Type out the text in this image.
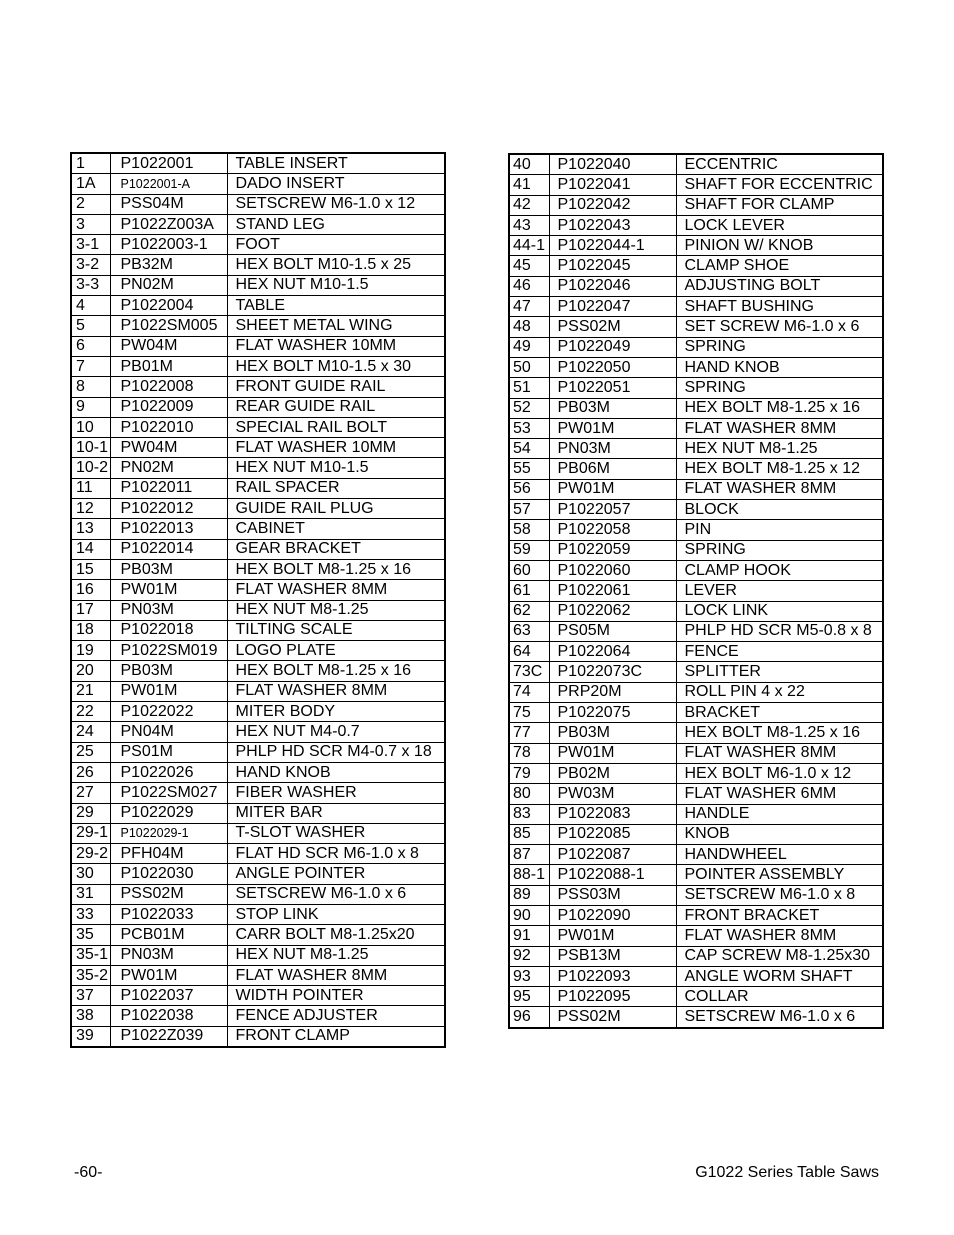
1	P1022001	TABLE INSERT
1A	P1022001-A	DADO INSERT
2	PSS04M	SETSCREW M6-1.0 x 12
3	P1022Z003A	STAND LEG
3-1	P1022003-1	FOOT
3-2	PB32M	HEX BOLT M10-1.5 x 25
3-3	PN02M	HEX NUT M10-1.5
4	P1022004	TABLE
5	P1022SM005	SHEET METAL WING
6	PW04M	FLAT WASHER 10MM
7	PB01M	HEX BOLT M10-1.5 x 30
8	P1022008	FRONT GUIDE RAIL
9	P1022009	REAR GUIDE RAIL
10	P1022010	SPECIAL RAIL BOLT
10-1	PW04M	FLAT WASHER 10MM
10-2	PN02M	HEX NUT M10-1.5
11	P1022011	RAIL SPACER
12	P1022012	GUIDE RAIL PLUG
13	P1022013	CABINET
14	P1022014	GEAR BRACKET
15	PB03M	HEX BOLT M8-1.25 x 16
16	PW01M	FLAT WASHER 8MM
17	PN03M	HEX NUT M8-1.25
18	P1022018	TILTING SCALE
19	P1022SM019	LOGO PLATE
20	PB03M	HEX BOLT M8-1.25 x 16
21	PW01M	FLAT WASHER 8MM
22	P1022022	MITER BODY
24	PN04M	HEX NUT M4-0.7
25	PS01M	PHLP HD SCR M4-0.7 x 18
26	P1022026	HAND KNOB
27	P1022SM027	FIBER WASHER
29	P1022029	MITER BAR
29-1	P1022029-1	T-SLOT WASHER
29-2	PFH04M	FLAT HD SCR M6-1.0 x 8
30	P1022030	ANGLE POINTER
31	PSS02M	SETSCREW M6-1.0 x 6
33	P1022033	STOP LINK
35	PCB01M	CARR BOLT M8-1.25x20
35-1	PN03M	HEX NUT M8-1.25
35-2	PW01M	FLAT WASHER 8MM
37	P1022037	WIDTH POINTER
38	P1022038	FENCE ADJUSTER
39	P1022Z039	FRONT CLAMP
40	P1022040	ECCENTRIC
41	P1022041	SHAFT FOR ECCENTRIC
42	P1022042	SHAFT FOR CLAMP
43	P1022043	LOCK LEVER
44-1	P1022044-1	PINION W/ KNOB
45	P1022045	CLAMP SHOE
46	P1022046	ADJUSTING BOLT
47	P1022047	SHAFT BUSHING
48	PSS02M	SET SCREW M6-1.0 x 6
49	P1022049	SPRING
50	P1022050	HAND KNOB
51	P1022051	SPRING
52	PB03M	HEX BOLT M8-1.25 x 16
53	PW01M	FLAT WASHER 8MM
54	PN03M	HEX NUT M8-1.25
55	PB06M	HEX BOLT M8-1.25 x 12
56	PW01M	FLAT WASHER 8MM
57	P1022057	BLOCK
58	P1022058	PIN
59	P1022059	SPRING
60	P1022060	CLAMP HOOK
61	P1022061	LEVER
62	P1022062	LOCK LINK
63	PS05M	PHLP HD SCR M5-0.8 x 8
64	P1022064	FENCE
73C	P1022073C	SPLITTER
74	PRP20M	ROLL PIN 4 x 22
75	P1022075	BRACKET
77	PB03M	HEX BOLT M8-1.25 x 16
78	PW01M	FLAT WASHER 8MM
79	PB02M	HEX BOLT M6-1.0 x 12
80	PW03M	FLAT WASHER 6MM
83	P1022083	HANDLE
85	P1022085	KNOB
87	P1022087	HANDWHEEL
88-1	P1022088-1	POINTER ASSEMBLY
89	PSS03M	SETSCREW M6-1.0 x 8
90	P1022090	FRONT BRACKET
91	PW01M	FLAT WASHER 8MM
92	PSB13M	CAP SCREW M8-1.25x30
93	P1022093	ANGLE WORM SHAFT
95	P1022095	COLLAR
96	PSS02M	SETSCREW M6-1.0 x 6
-60-	G1022 Series Table Saws
